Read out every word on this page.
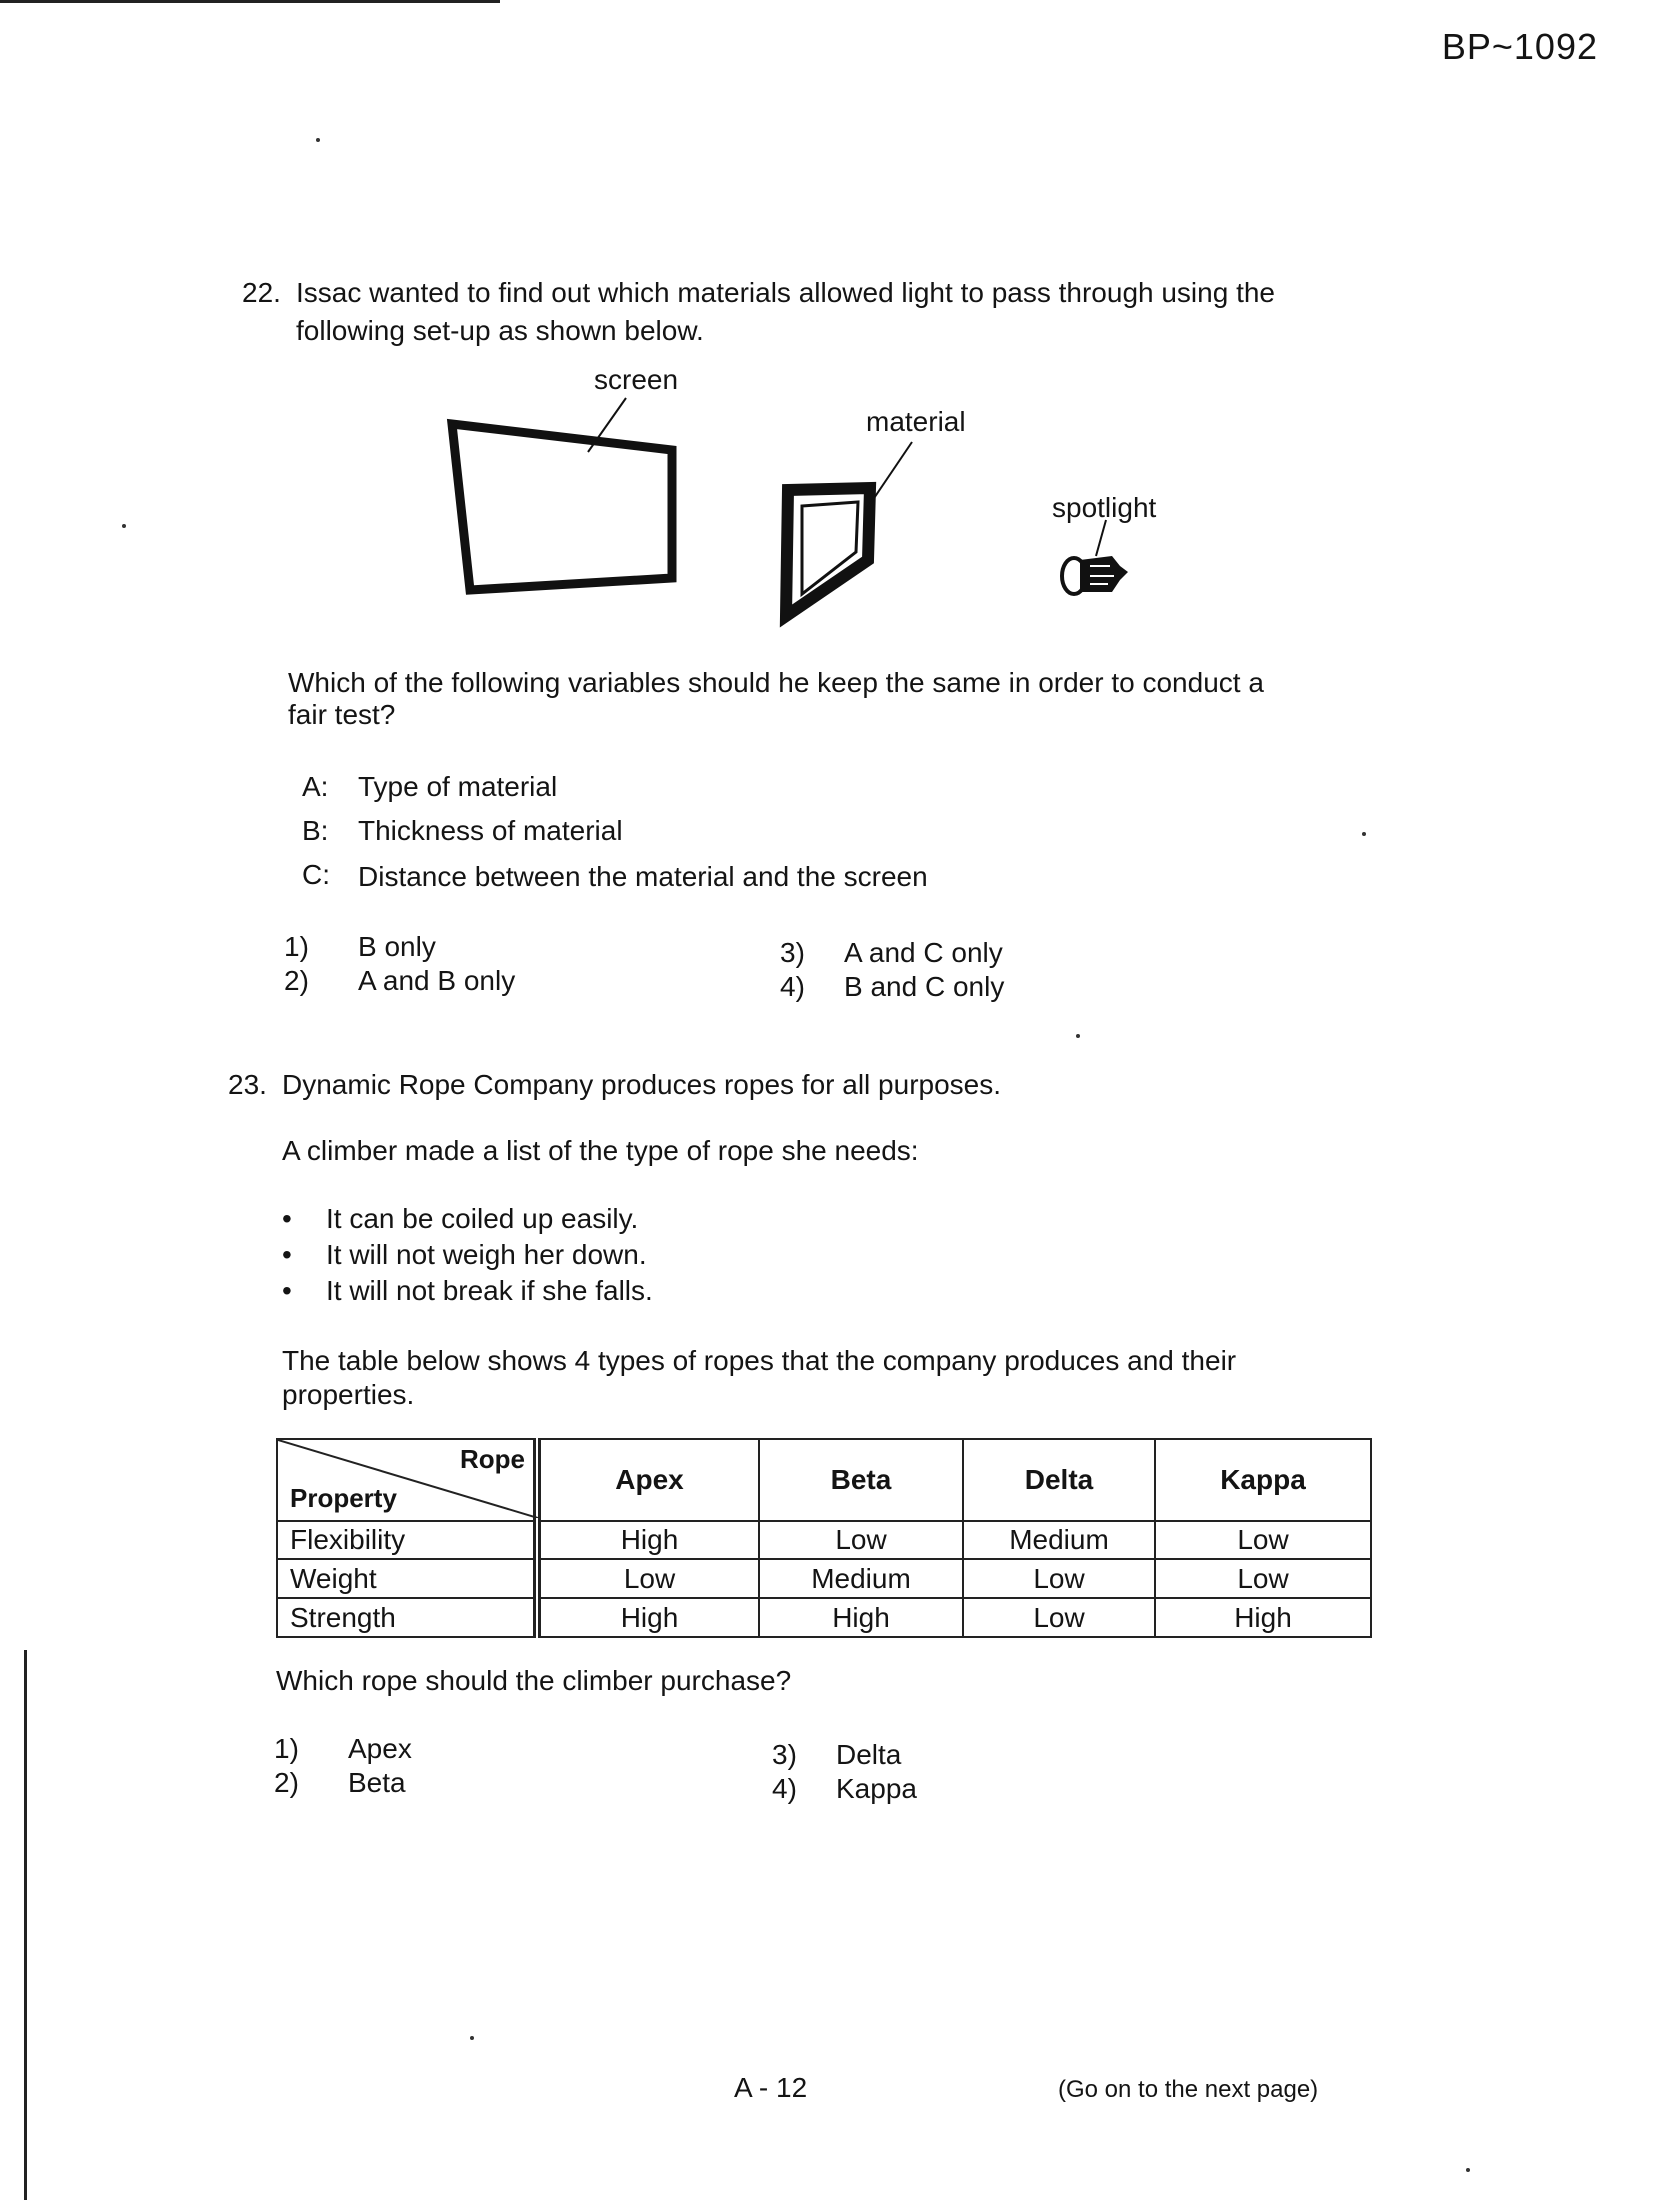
BP~1092
22. Issac wanted to find out which materials allowed light to pass through using the
following set-up as shown below.
screen
material
spotlight
Which of the following variables should he keep the same in order to conduct a
fair test?
A: Type of material
B: Thickness of material
C: Distance between the material and the screen
1) B only
2) A and B only
3) A and C only
4) B and C only
23. Dynamic Rope Company produces ropes for all purposes.
A climber made a list of the type of rope she needs:
• It can be coiled up easily.
• It will not weigh her down.
• It will not break if she falls.
The table below shows 4 types of ropes that the company produces and their
properties.
Rope
Property	Apex	Beta	Delta	Kappa
Flexibility	High	Low	Medium	Low
Weight	Low	Medium	Low	Low
Strength	High	High	Low	High
Which rope should the climber purchase?
1) Apex
2) Beta
3) Delta
4) Kappa
A - 12	(Go on to the next page)
